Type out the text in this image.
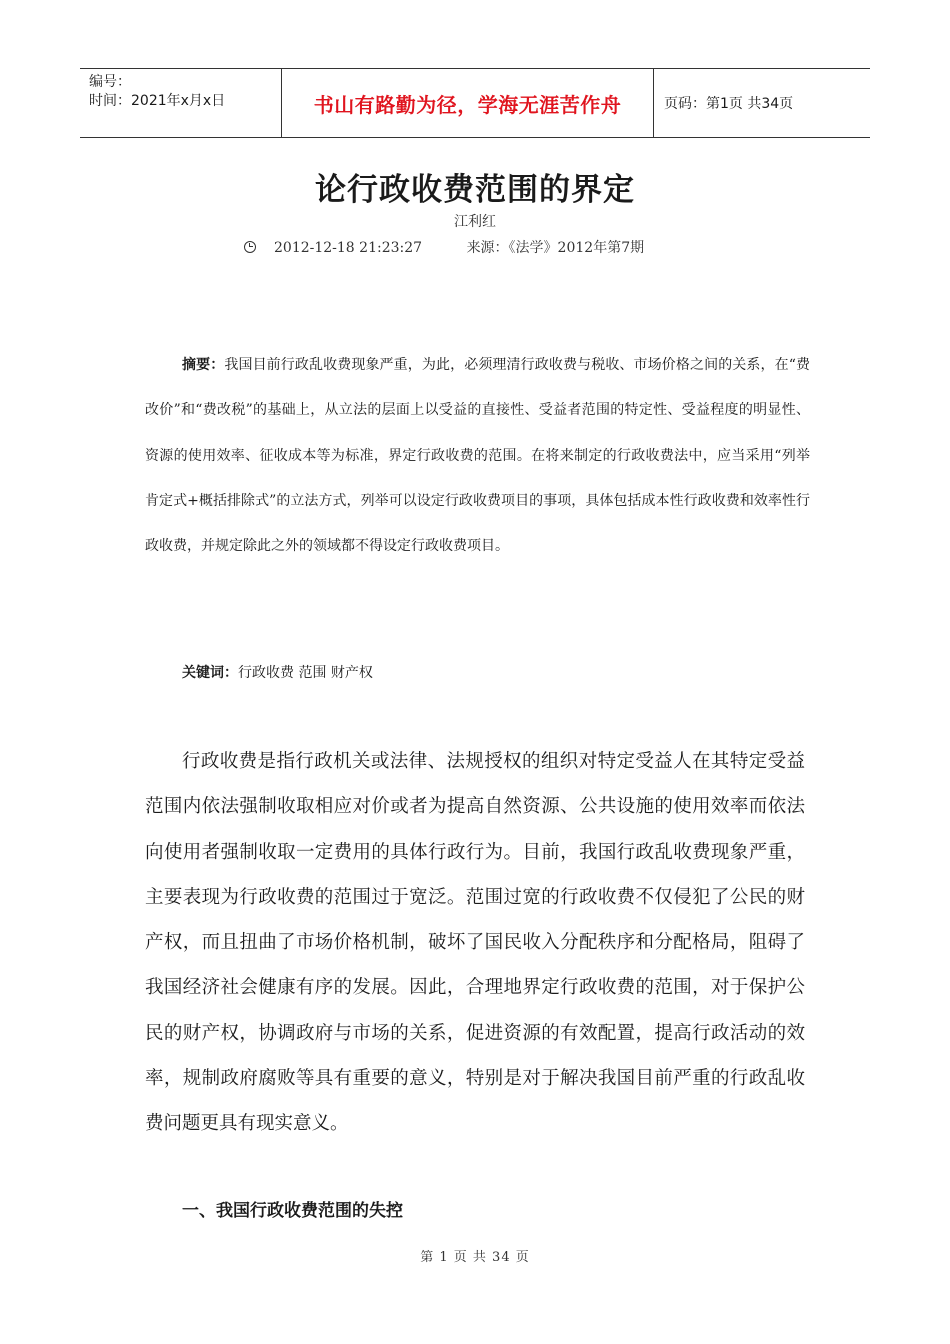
编号：
时间：2021年x月x日	书山有路勤为径，学海无涯苦作舟	页码：第1页 共34页
论行政收费范围的界定
江利红
2012-12-18 21:23:27	来源：《法学》2012年第7期
摘要：我国目前行政乱收费现象严重，为此，必须理清行政收费与税收、市场价格之间的关系，在“费改价”和“费改税”的基础上，从立法的层面上以受益的直接性、受益者范围的特定性、受益程度的明显性、资源的使用效率、征收成本等为标准，界定行政收费的范围。在将来制定的行政收费法中，应当采用“列举肯定式+概括排除式”的立法方式，列举可以设定行政收费项目的事项，具体包括成本性行政收费和效率性行政收费，并规定除此之外的领域都不得设定行政收费项目。
关键词：行政收费 范围 财产权
行政收费是指行政机关或法律、法规授权的组织对特定受益人在其特定受益范围内依法强制收取相应对价或者为提高自然资源、公共设施的使用效率而依法向使用者强制收取一定费用的具体行政行为。目前，我国行政乱收费现象严重，主要表现为行政收费的范围过于宽泛。范围过宽的行政收费不仅侵犯了公民的财产权，而且扭曲了市场价格机制，破坏了国民收入分配秩序和分配格局，阻碍了我国经济社会健康有序的发展。因此，合理地界定行政收费的范围，对于保护公民的财产权，协调政府与市场的关系，促进资源的有效配置，提高行政活动的效率，规制政府腐败等具有重要的意义，特别是对于解决我国目前严重的行政乱收费问题更具有现实意义。
一、我国行政收费范围的失控
第 1 页 共 34 页
